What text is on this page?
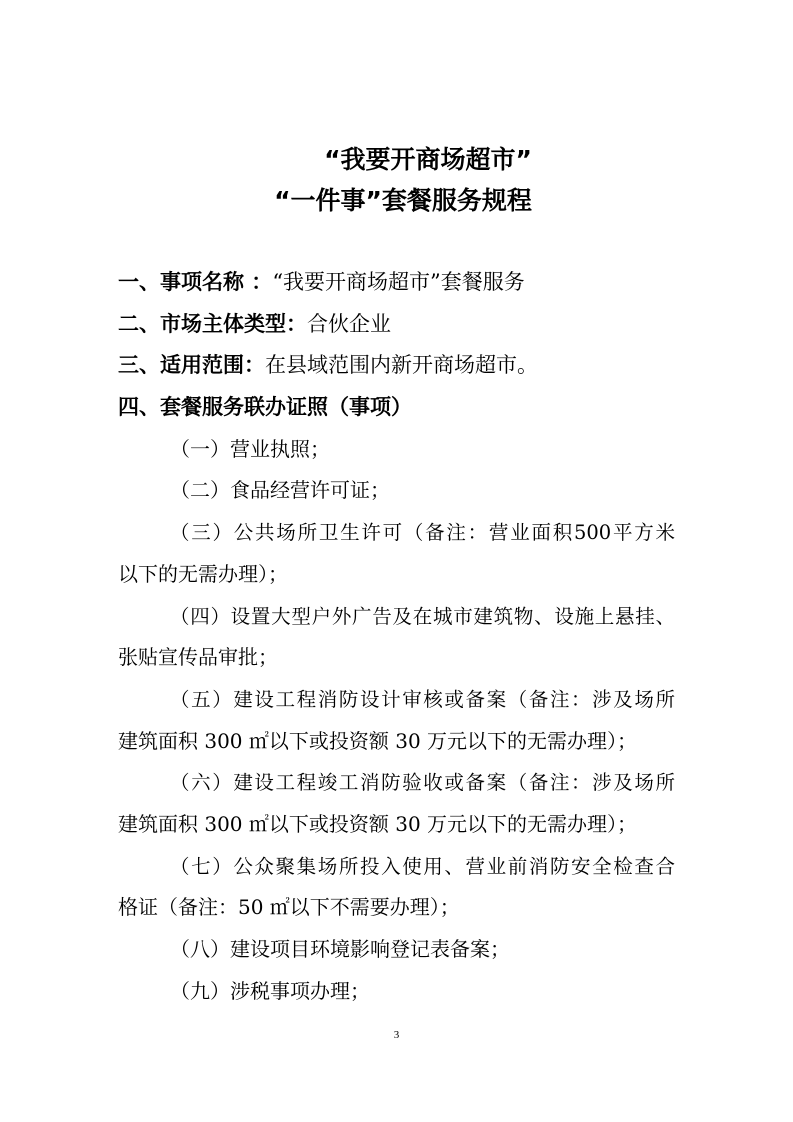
“我要开商场超市”
“一件事”套餐服务规程
一、事项名称 ：“我要开商场超市”套餐服务
二、市场主体类型：合伙企业
三、适用范围：在县域范围内新开商场超市。
四、套餐服务联办证照（事项）
（一）营业执照；
（二）食品经营许可证；
（三）公共场所卫生许可（备注：营业面积500平方米
以下的无需办理）；
（四）设置大型户外广告及在城市建筑物、设施上悬挂、
张贴宣传品审批；
（五）建设工程消防设计审核或备案（备注：涉及场所
建筑面积 300 ㎡以下或投资额 30 万元以下的无需办理）；
（六）建设工程竣工消防验收或备案（备注：涉及场所
建筑面积 300 ㎡以下或投资额 30 万元以下的无需办理）；
（七）公众聚集场所投入使用、营业前消防安全检查合
格证（备注：50 ㎡以下不需要办理）；
（八）建设项目环境影响登记表备案；
（九）涉税事项办理；
3
